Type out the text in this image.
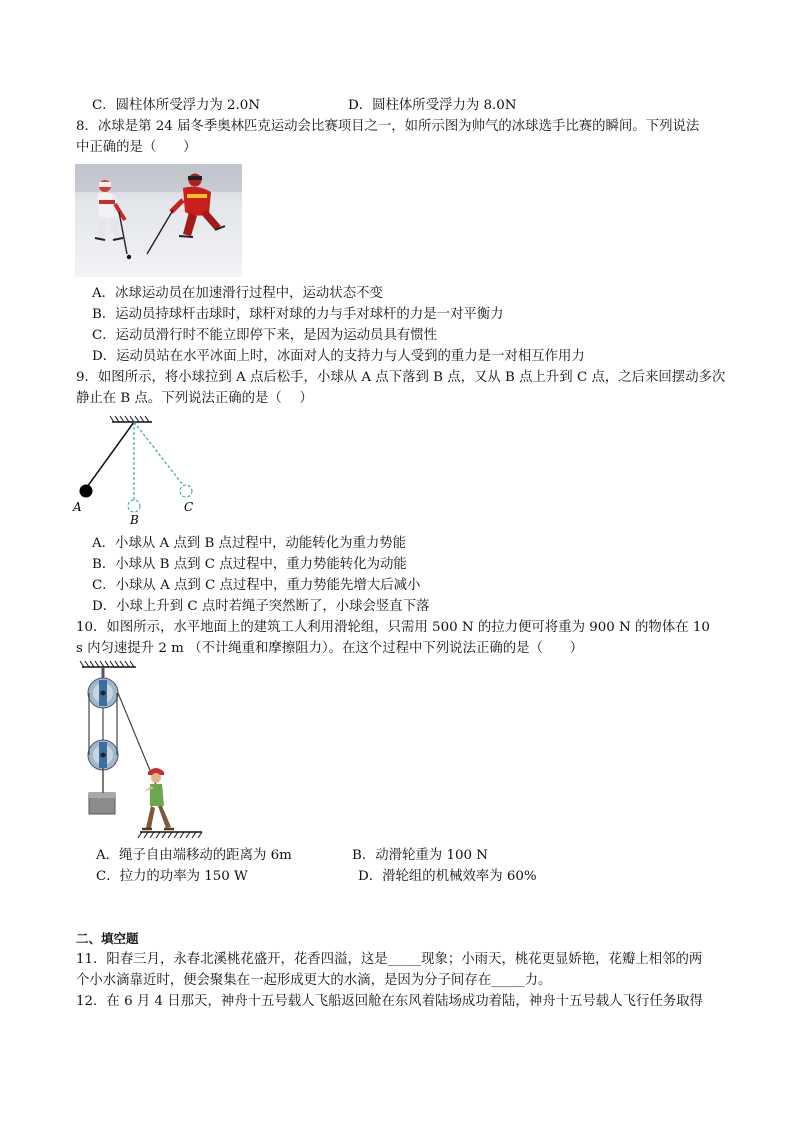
C．圆柱体所受浮力为 2.0N	D．圆柱体所受浮力为 8.0N
8．冰球是第 24 届冬季奥林匹克运动会比赛项目之一，如所示图为帅气的冰球选手比赛的瞬间。下列说法
中正确的是（　　）
A．冰球运动员在加速滑行过程中，运动状态不变
B．运动员持球杆击球时，球杆对球的力与手对球杆的力是一对平衡力
C．运动员滑行时不能立即停下来，是因为运动员具有惯性
D．运动员站在水平冰面上时，冰面对人的支持力与人受到的重力是一对相互作用力
9．如图所示，将小球拉到 A 点后松手，小球从 A 点下落到 B 点，又从 B 点上升到 C 点，之后来回摆动多次
静止在 B 点。下列说法正确的是（　 ）
A
B
C
A．小球从 A 点到 B 点过程中，动能转化为重力势能
B．小球从 B 点到 C 点过程中，重力势能转化为动能
C．小球从 A 点到 C 点过程中，重力势能先增大后减小
D．小球上升到 C 点时若绳子突然断了，小球会竖直下落
10．如图所示，水平地面上的建筑工人利用滑轮组，只需用 500 N 的拉力便可将重为 900 N 的物体在 10
s 内匀速提升 2 m （不计绳重和摩擦阻力）。在这个过程中下列说法正确的是（　　）
A．绳子自由端移动的距离为 6m	B．动滑轮重为 100 N
C．拉力的功率为 150 W	D．滑轮组的机械效率为 60%
二、填空题
11．阳春三月，永春北溪桃花盛开，花香四溢，这是_____现象；小雨天，桃花更显娇艳，花瓣上相邻的两
个小水滴靠近时，便会聚集在一起形成更大的水滴，是因为分子间存在_____力。
12．在 6 月 4 日那天，神舟十五号载人飞船返回舱在东风着陆场成功着陆，神舟十五号载人飞行任务取得
